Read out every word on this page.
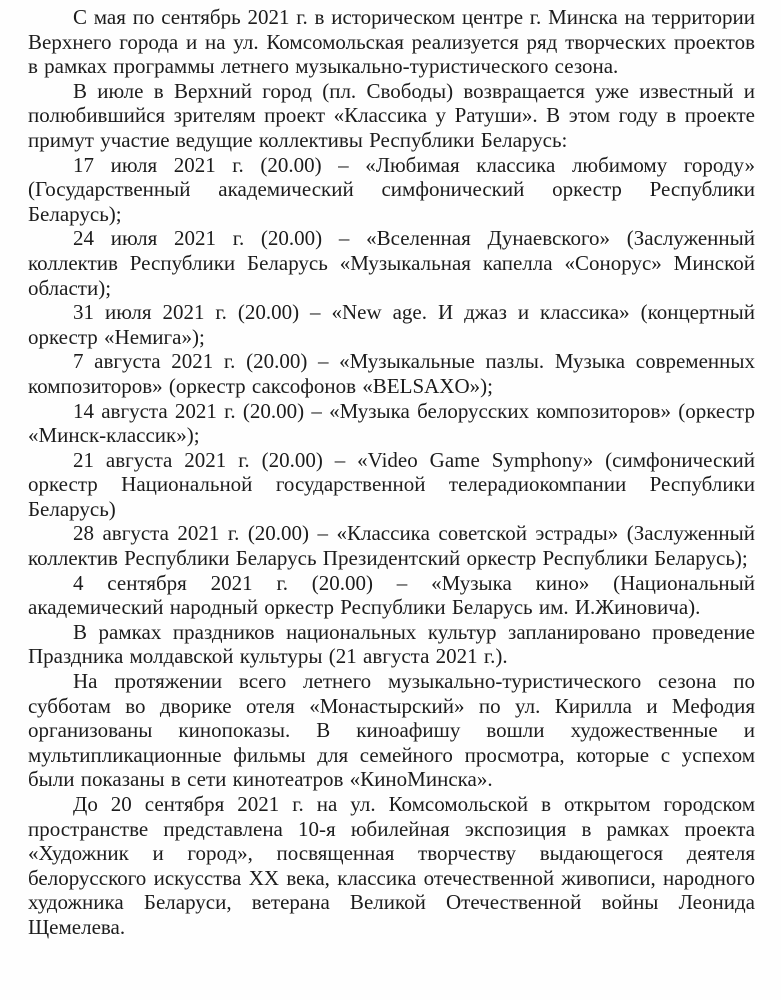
С мая по сентябрь 2021 г. в историческом центре г. Минска на территории Верхнего города и на ул. Комсомольская реализуется ряд творческих проектов в рамках программы летнего музыкально-туристического сезона.

В июле в Верхний город (пл. Свободы) возвращается уже известный и полюбившийся зрителям проект «Классика у Ратуши». В этом году в проекте примут участие ведущие коллективы Республики Беларусь:

17 июля 2021 г. (20.00) – «Любимая классика любимому городу» (Государственный академический симфонический оркестр Республики Беларусь);

24 июля 2021 г. (20.00) – «Вселенная Дунаевского» (Заслуженный коллектив Республики Беларусь «Музыкальная капелла «Сонорус» Минской области);

31 июля 2021 г. (20.00) – «New age. И джаз и классика» (концертный оркестр «Немига»);

7 августа 2021 г. (20.00) – «Музыкальные пазлы. Музыка современных композиторов» (оркестр саксофонов «BELSAXO»);

14 августа 2021 г. (20.00) – «Музыка белорусских композиторов» (оркестр «Минск-классик»);

21 августа 2021 г. (20.00) – «Video Game Symphony» (симфонический оркестр Национальной государственной телерадиокомпании Республики Беларусь)

28 августа 2021 г. (20.00) – «Классика советской эстрады» (Заслуженный коллектив Республики Беларусь Президентский оркестр Республики Беларусь);

4 сентября 2021 г. (20.00) – «Музыка кино» (Национальный академический народный оркестр Республики Беларусь им. И.Жиновича).

В рамках праздников национальных культур запланировано проведение Праздника молдавской культуры (21 августа 2021 г.).

На протяжении всего летнего музыкально-туристического сезона по субботам во дворике отеля «Монастырский» по ул. Кирилла и Мефодия организованы кинопоказы. В киноафишу вошли художественные и мультипликационные фильмы для семейного просмотра, которые с успехом были показаны в сети кинотеатров «КиноМинска».

До 20 сентября 2021 г. на ул. Комсомольской в открытом городском пространстве представлена 10-я юбилейная экспозиция в рамках проекта «Художник и город», посвященная творчеству выдающегося деятеля белорусского искусства XX века, классика отечественной живописи, народного художника Беларуси, ветерана Великой Отечественной войны Леонида Щемелева.
